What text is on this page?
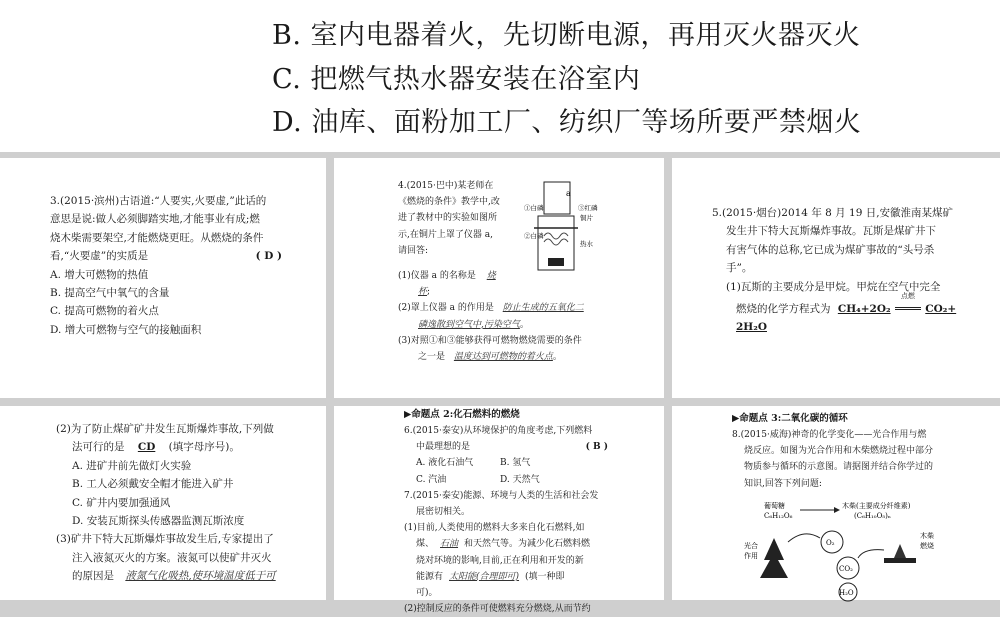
B. 室内电器着火，先切断电源，再用灭火器灭火
C. 把燃气热水器安装在浴室内
D. 油库、面粉加工厂、纺织厂等场所要严禁烟火
3.(2015·滨州)古语道:“人要实,火要虚,”此话的
意思是说:做人必须脚踏实地,才能事业有成;燃
烧木柴需要架空,才能燃烧更旺。从燃烧的条件
看,“火要虚”的实质是	( D )
A. 增大可燃物的热值
B. 提高空气中氧气的含量
C. 提高可燃物的着火点
D. 增大可燃物与空气的接触面积
4.(2015·巴中)某老师在
《燃烧的条件》教学中,改
进了教材中的实验如图所
示,在铜片上罩了仪器 a,
请回答:
a
①白磷
②白磷
③红磷
铜片
热水
(1)仪器 a 的名称是 烧
杯;
(2)罩上仪器 a 的作用是 防止生成的五氧化二
磷逸散到空气中,污染空气。
(3)对照①和③能够获得可燃物燃烧需要的条件
之一是 温度达到可燃物的着火点。
5.(2015·烟台)2014 年 8 月 19 日,安徽淮南某煤矿
发生井下特大瓦斯爆炸事故。瓦斯是煤矿井下
有害气体的总称,它已成为煤矿事故的“头号杀
手”。
(1)瓦斯的主要成分是甲烷。甲烷在空气中完全
燃烧的化学方程式为 CH₄+2O₂
点燃
CO₂+
2H₂O
(2)为了防止煤矿矿井发生瓦斯爆炸事故,下列做
法可行的是 CD (填字母序号)。
A. 进矿井前先做灯火实验
B. 工人必须戴安全帽才能进入矿井
C. 矿井内要加强通风
D. 安装瓦斯探头传感器监测瓦斯浓度
(3)矿井下特大瓦斯爆炸事故发生后,专家提出了
注入液氮灭火的方案。液氮可以使矿井灭火
的原因是 液氮气化吸热,使环境温度低于可
▶命题点 2:化石燃料的燃烧
6.(2015·泰安)从环境保护的角度考虑,下列燃料
中最理想的是	( B )
A. 液化石油气	B. 氢气
C. 汽油	D. 天然气
7.(2015·泰安)能源、环境与人类的生活和社会发
展密切相关。
(1)目前,人类使用的燃料大多来自化石燃料,如
煤、 石油 和天然气等。为减少化石燃料燃
烧对环境的影响,目前,正在利用和开发的新
能源有 太阳能(合理即可) (填一种即
可)。
(2)控制反应的条件可使燃料充分燃烧,从而节约
▶命题点 3:二氧化碳的循环
8.(2015·威海)神奇的化学变化——光合作用与燃
烧反应。如图为光合作用和木柴燃烧过程中部分
物质参与循环的示意图。请据图并结合你学过的
知识,回答下列问题:
葡萄糖
C₆H₁₂O₆
木柴(主要成分纤维素)
(C₆H₁₀O₅)ₙ
光合
作用
O₂
CO₂
H₂O
木柴
燃烧
